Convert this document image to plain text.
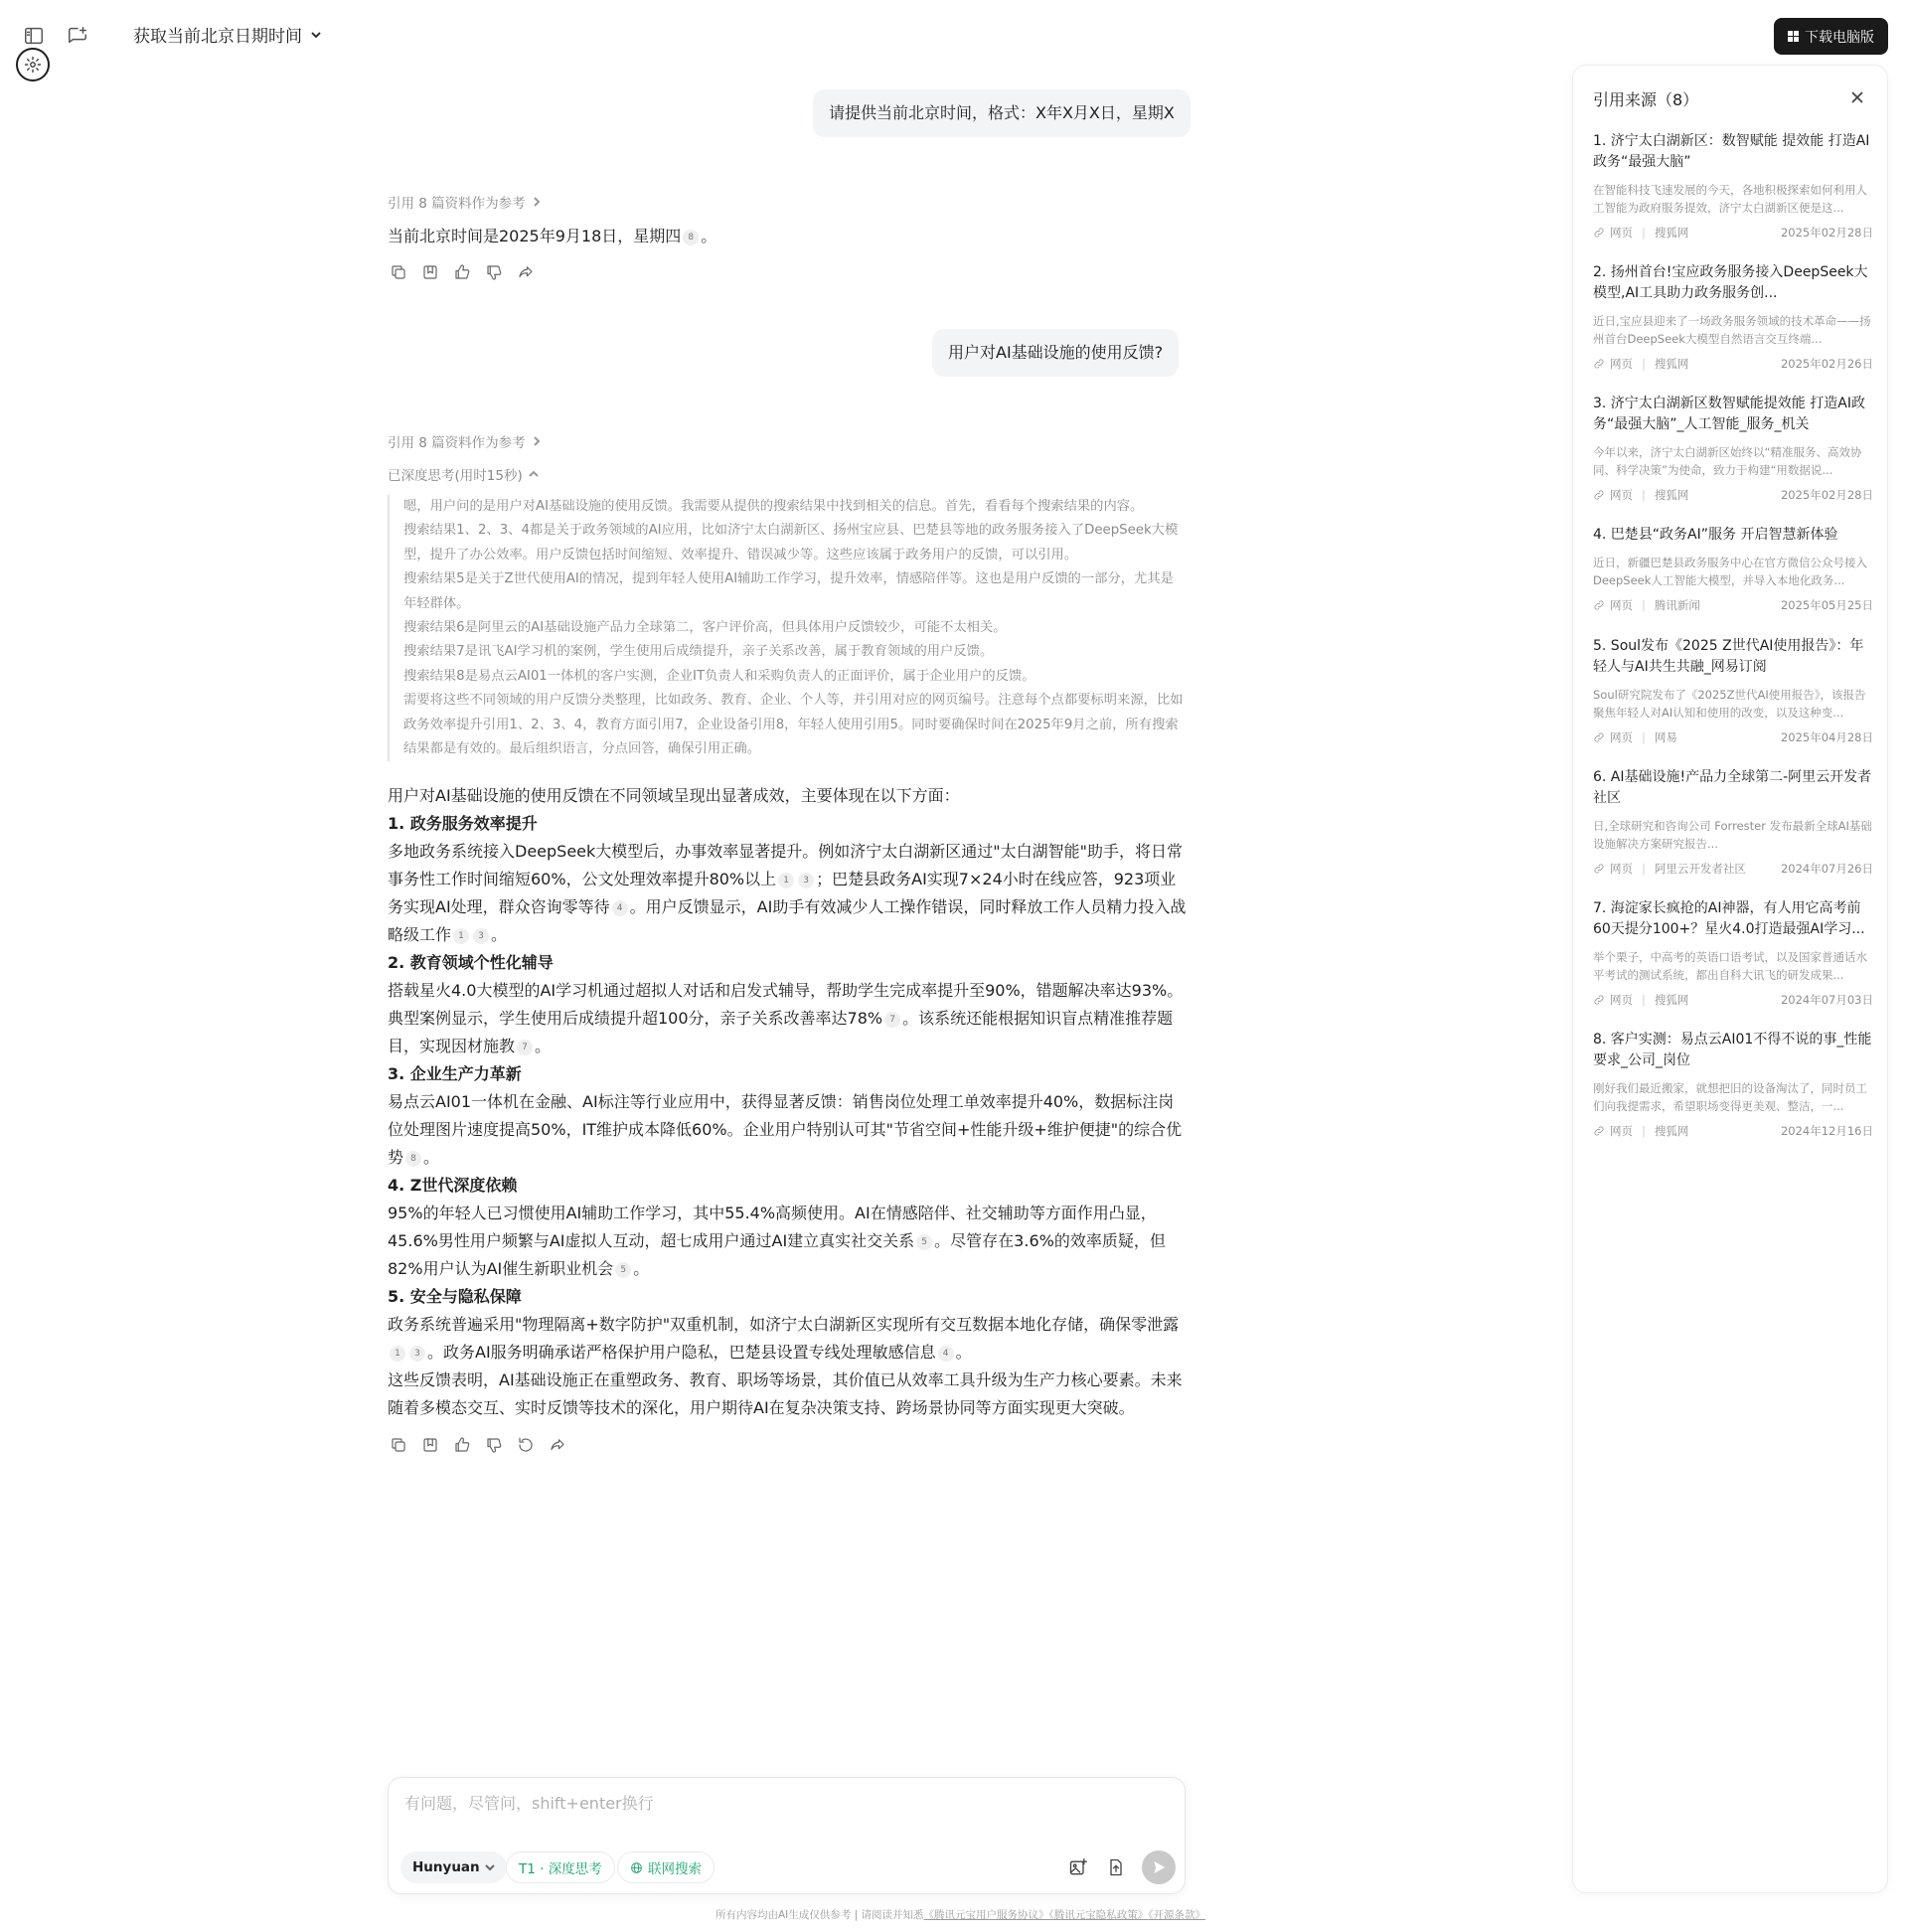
获取当前北京日期时间	下载电脑版
请提供当前北京时间，格式：X年X月X日，星期X
引用 8 篇资料作为参考
当前北京时间是2025年9月18日，星期四 8 。
用户对AI基础设施的使用反馈?
引用 8 篇资料作为参考
已深度思考(用时15秒)

嗯，用户问的是用户对AI基础设施的使用反馈。我需要从提供的搜索结果中找到相关的信息。首先，看看每个搜索结果的内容。

搜索结果1、2、3、4都是关于政务领域的AI应用，比如济宁太白湖新区、扬州宝应县、巴楚县等地的政务服务接入了DeepSeek大模型，提升了办公效率。用户反馈包括时间缩短、效率提升、错误减少等。这些应该属于政务用户的反馈，可以引用。

搜索结果5是关于Z世代使用AI的情况，提到年轻人使用AI辅助工作学习，提升效率，情感陪伴等。这也是用户反馈的一部分，尤其是年轻群体。

搜索结果6是阿里云的AI基础设施产品力全球第二，客户评价高，但具体用户反馈较少，可能不太相关。

搜索结果7是讯飞AI学习机的案例，学生使用后成绩提升，亲子关系改善，属于教育领域的用户反馈。

搜索结果8是易点云AI01一体机的客户实测，企业IT负责人和采购负责人的正面评价，属于企业用户的反馈。

需要将这些不同领域的用户反馈分类整理，比如政务、教育、企业、个人等，并引用对应的网页编号。注意每个点都要标明来源，比如政务效率提升引用1、2、3、4，教育方面引用7，企业设备引用8，年轻人使用引用5。同时要确保时间在2025年9月之前，所有搜索结果都是有效的。最后组织语言，分点回答，确保引用正确。

用户对AI基础设施的使用反馈在不同领域呈现出显著成效，主要体现在以下方面：

1. 政务服务效率提升

多地政务系统接入DeepSeek大模型后，办事效率显著提升。例如济宁太白湖新区通过"太白湖智能"助手，将日常事务性工作时间缩短60%，公文处理效率提升80%以上 1 3 ；巴楚县政务AI实现7×24小时在线应答，923项业务实现AI处理，群众咨询零等待 4 。用户反馈显示，AI助手有效减少人工操作错误，同时释放工作人员精力投入战略级工作 1 3 。

2. 教育领域个性化辅导

搭载星火4.0大模型的AI学习机通过超拟人对话和启发式辅导，帮助学生完成率提升至90%，错题解决率达93%。典型案例显示，学生使用后成绩提升超100分，亲子关系改善率达78% 7 。该系统还能根据知识盲点精准推荐题目，实现因材施教 7 。

3. 企业生产力革新

易点云AI01一体机在金融、AI标注等行业应用中，获得显著反馈：销售岗位处理工单效率提升40%，数据标注岗位处理图片速度提高50%，IT维护成本降低60%。企业用户特别认可其"节省空间+性能升级+维护便捷"的综合优势 8 。

4. Z世代深度依赖

95%的年轻人已习惯使用AI辅助工作学习，其中55.4%高频使用。AI在情感陪伴、社交辅助等方面作用凸显，45.6%男性用户频繁与AI虚拟人互动，超七成用户通过AI建立真实社交关系 5 。尽管存在3.6%的效率质疑，但82%用户认为AI催生新职业机会 5 。

5. 安全与隐私保障

政务系统普遍采用"物理隔离+数字防护"双重机制，如济宁太白湖新区实现所有交互数据本地化存储，确保零泄露1 3 。政务AI服务明确承诺严格保护用户隐私，巴楚县设置专线处理敏感信息 4 。

这些反馈表明，AI基础设施正在重塑政务、教育、职场等场景，其价值已从效率工具升级为生产力核心要素。未来随着多模态交互、实时反馈等技术的深化，用户期待AI在复杂决策支持、跨场景协同等方面实现更大突破。

有问题，尽管问，shift+enter换行
Hunyuan	T1 · 深度思考	联网搜索
所有内容均由AI生成仅供参考 | 请阅读并知悉《腾讯元宝用户服务协议》《腾讯元宝隐私政策》《开源条款》
引用来源（8）
1. 济宁太白湖新区：数智赋能 提效能 打造AI政务“最强大脑”
在智能科技飞速发展的今天，各地积极探索如何利用人工智能为政府服务提效，济宁太白湖新区便是这...
网页 | 搜狐网	2025年02月28日
2. 扬州首台!宝应政务服务接入DeepSeek大模型,AI工具助力政务服务创...
近日,宝应县迎来了一场政务服务领域的技术革命——扬州首台DeepSeek大模型自然语言交互终端...
网页 | 搜狐网	2025年02月26日
3. 济宁太白湖新区数智赋能提效能 打造AI政务“最强大脑”_人工智能_服务_机关
今年以来，济宁太白湖新区始终以“精准服务、高效协同、科学决策”为使命，致力于构建“用数据说...
网页 | 搜狐网	2025年02月28日
4. 巴楚县“政务AI”服务 开启智慧新体验
近日，新疆巴楚县政务服务中心在官方微信公众号接入DeepSeek人工智能大模型，并导入本地化政务...
网页 | 腾讯新闻	2025年05月25日
5. Soul发布《2025 Z世代AI使用报告》：年轻人与AI共生共融_网易订阅
Soul研究院发布了《2025Z世代AI使用报告》，该报告聚焦年轻人对AI认知和使用的改变，以及这种变...
网页 | 网易	2025年04月28日
6. AI基础设施!产品力全球第二-阿里云开发者社区
日,全球研究和咨询公司 Forrester 发布最新全球AI基础设施解决方案研究报告...
网页 | 阿里云开发者社区	2024年07月26日
7. 海淀家长疯抢的AI神器，有人用它高考前60天提分100+？星火4.0打造最强AI学习...
举个栗子，中高考的英语口语考试，以及国家普通话水平考试的测试系统，都出自科大讯飞的研发成果...
网页 | 搜狐网	2024年07月03日
8. 客户实测：易点云AI01不得不说的事_性能要求_公司_岗位
刚好我们最近搬家，就想把旧的设备淘汰了，同时员工们向我提需求，希望职场变得更美观、整洁，一...
网页 | 搜狐网	2024年12月16日
